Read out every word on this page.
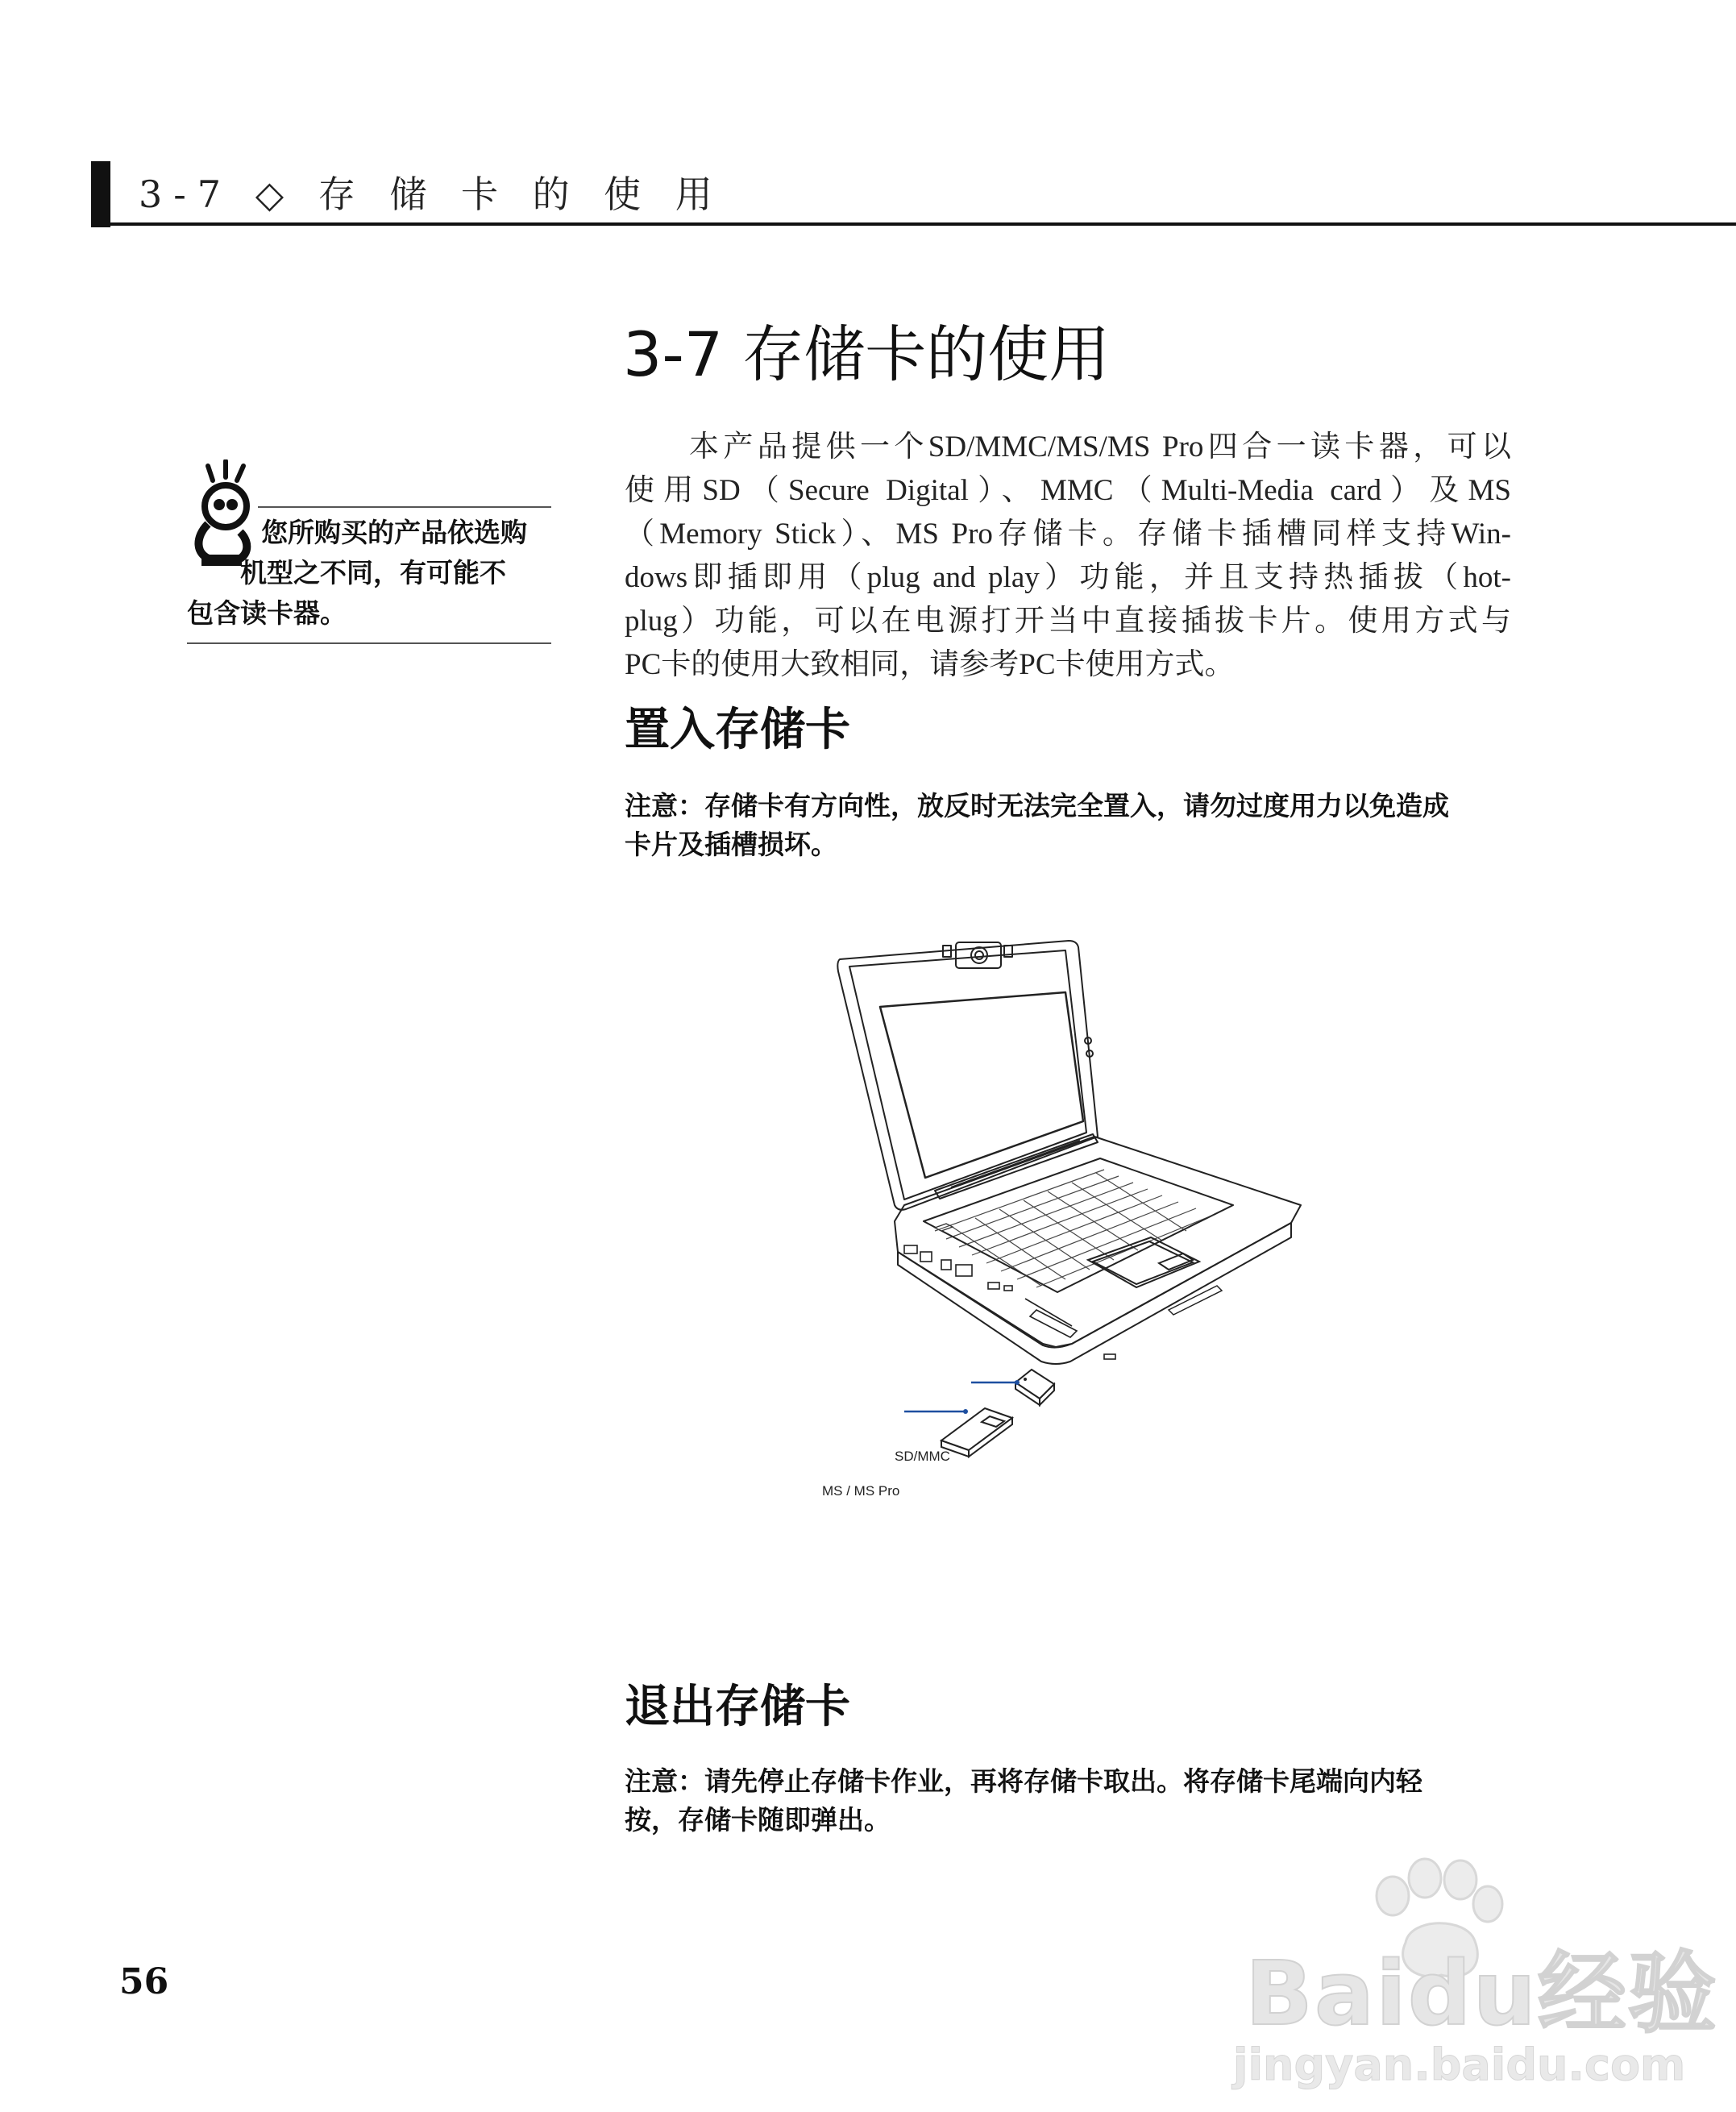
3-7 ◇ 存 储 卡 的 使 用
3-7 存储卡的使用
本产品提供一个SD/MMC/MS/MS Pro四合一读卡器，可以
使用SD（Secure Digital）、MMC（Multi-Media card）及MS
（Memory Stick）、MS Pro存储卡。存储卡插槽同样支持Win-
dows即插即用（plug and play）功能，并且支持热插拔（hot-
plug）功能，可以在电源打开当中直接插拔卡片。使用方式与
PC卡的使用大致相同，请参考PC卡使用方式。
您所购买的产品依选购
机型之不同，有可能不
包含读卡器。
置入存储卡
注意：存储卡有方向性，放反时无法完全置入，请勿过度用力以免造成
卡片及插槽损坏。
SD/MMC
MS / MS Pro
退出存储卡
注意：请先停止存储卡作业，再将存储卡取出。将存储卡尾端向内轻
按，存储卡随即弹出。
56	Baidu经验
jingyan.baidu.com
